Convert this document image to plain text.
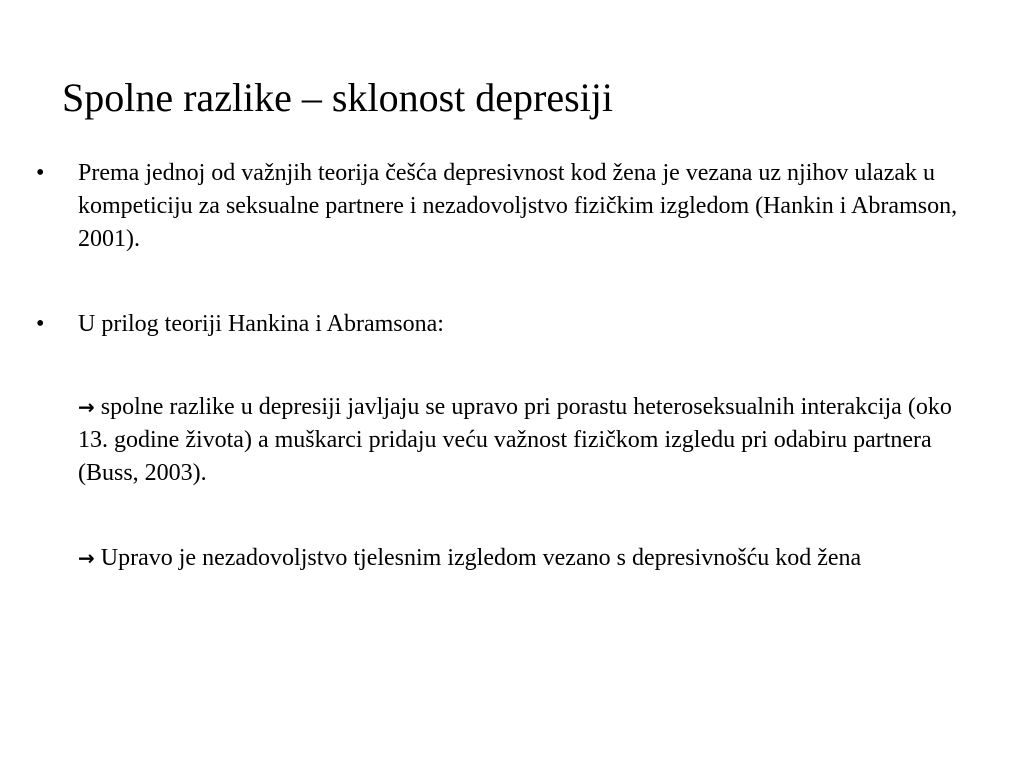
Spolne razlike – sklonost depresiji
• Prema jednoj od važnjih teorija češća depresivnost kod žena je vezana uz njihov ulazak u kompeticiju za seksualne partnere i nezadovoljstvo fizičkim izgledom (Hankin i Abramson, 2001).
• U prilog teoriji Hankina i Abramsona:
→ spolne razlike u depresiji javljaju se upravo pri porastu heteroseksualnih interakcija (oko 13. godine života) a muškarci pridaju veću važnost fizičkom izgledu pri odabiru partnera (Buss, 2003).
→ Upravo je nezadovoljstvo tjelesnim izgledom vezano s depresivnošću kod žena
